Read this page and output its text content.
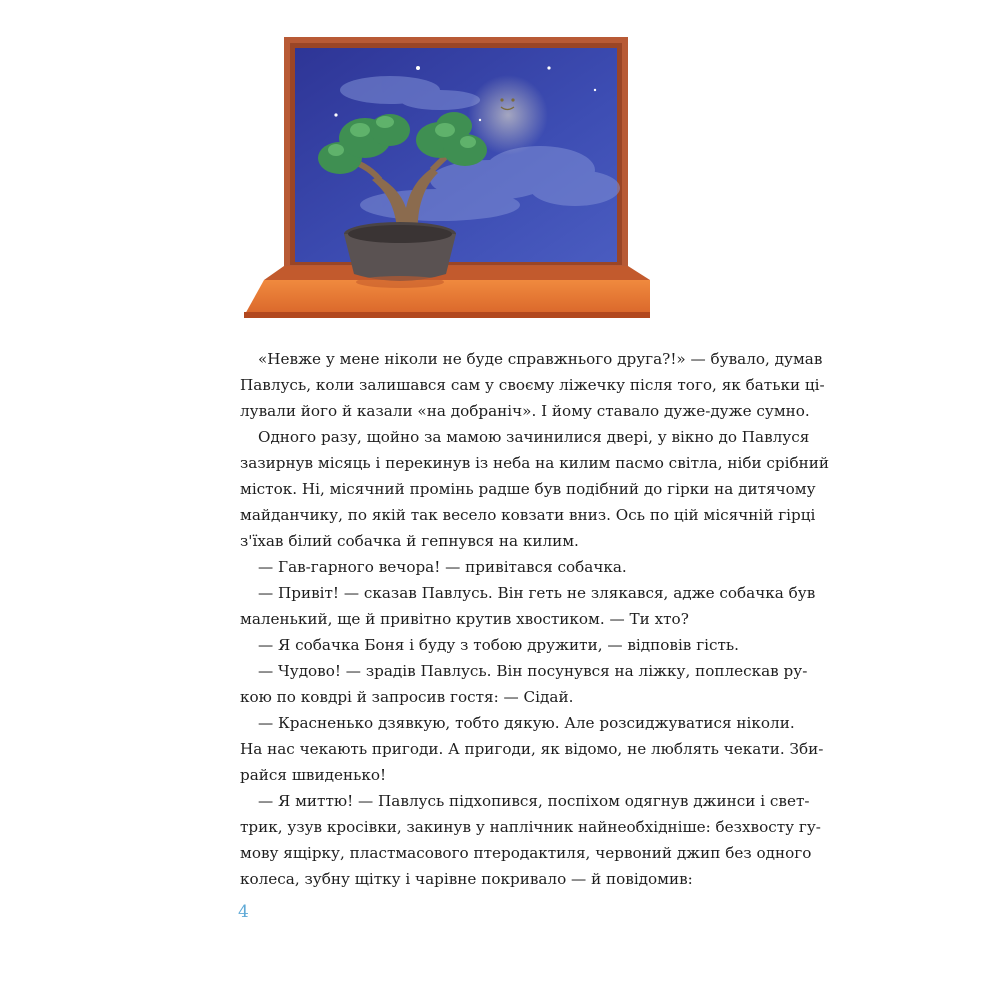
«Невже у мене ніколи не буде справжнього друга?!» — бувало, думав
Павлусь, коли залишався сам у своєму ліжечку після того, як батьки ці-
лували його й казали «на добраніч». І йому ставало дуже-дуже сумно.
Одного разу, щойно за мамою зачинилися двері, у вікно до Павлуся
зазирнув місяць і перекинув із неба на килим пасмо світла, ніби срібний
місток. Ні, місячний промінь радше був подібний до гірки на дитячому
майданчику, по якій так весело ковзати вниз. Ось по цій місячній гірці
з'їхав білий собачка й гепнувся на килим.
— Гав-гарного вечора! — привітався собачка.
— Привіт! — сказав Павлусь. Він геть не злякався, адже собачка був
маленький, ще й привітно крутив хвостиком. — Ти хто?
— Я собачка Боня і буду з тобою дружити, — відповів гість.
— Чудово! — зрадів Павлусь. Він посунувся на ліжку, поплескав ру-
кою по ковдрі й запросив гостя: — Сідай.
— Красненько дзявкую, тобто дякую. Але розсиджуватися ніколи.
На нас чекають пригоди. А пригоди, як відомо, не люблять чекати. Зби-
райся швиденько!
— Я миттю! — Павлусь підхопився, поспіхом одягнув джинси і свет-
трик, узув кросівки, закинув у наплічник найнеобхідніше: безхвосту гу-
мову ящірку, пластмасового птеродактиля, червоний джип без одного
колеса, зубну щітку і чарівне покривало — й повідомив:
4
